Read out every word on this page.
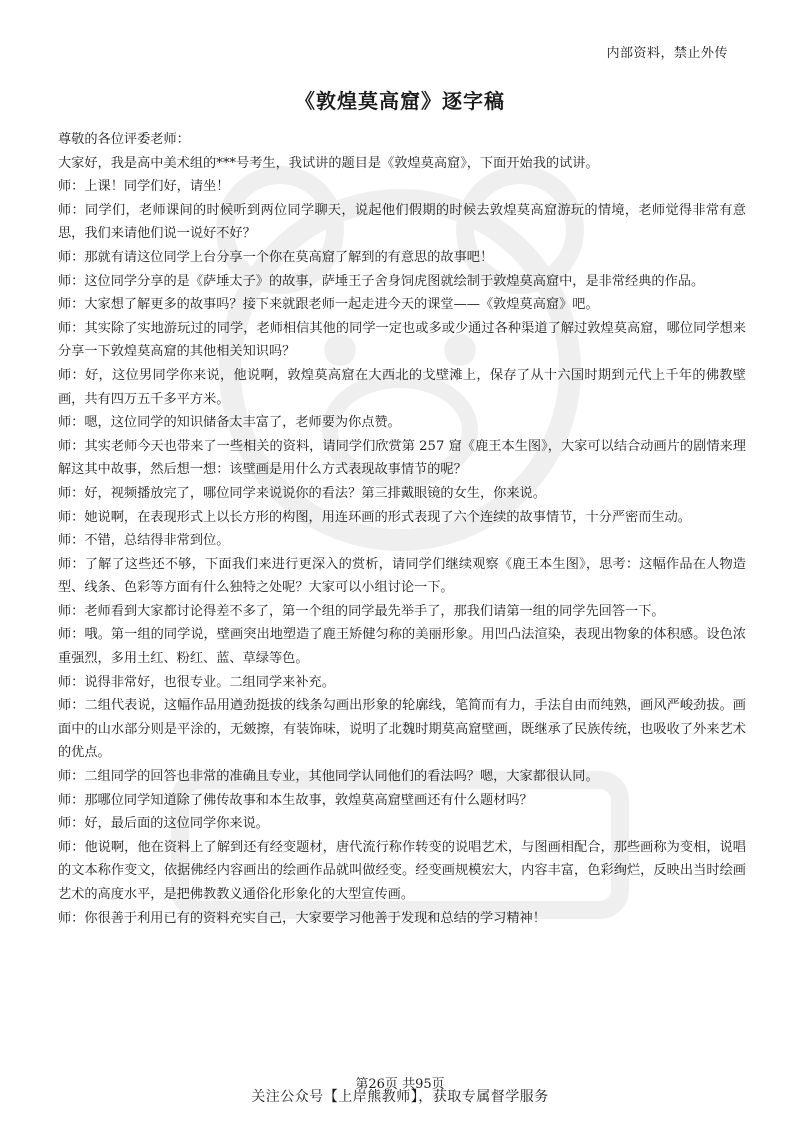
内部资料，禁止外传
《敦煌莫高窟》逐字稿

尊敬的各位评委老师：

大家好，我是高中美术组的***号考生，我试讲的题目是《敦煌莫高窟》，下面开始我的试讲。

师：上课！同学们好，请坐！

师：同学们，老师课间的时候听到两位同学聊天，说起他们假期的时候去敦煌莫高窟游玩的情境，老师觉得非常有意思，我们来请他们说一说好不好？

师：那就有请这位同学上台分享一个你在莫高窟了解到的有意思的故事吧！

师：这位同学分享的是《萨埵太子》的故事，萨埵王子舍身饲虎图就绘制于敦煌莫高窟中，是非常经典的作品。

师：大家想了解更多的故事吗？接下来就跟老师一起走进今天的课堂——《敦煌莫高窟》吧。

师：其实除了实地游玩过的同学，老师相信其他的同学一定也或多或少通过各种渠道了解过敦煌莫高窟，哪位同学想来分享一下敦煌莫高窟的其他相关知识吗？

师：好，这位男同学你来说，他说啊，敦煌莫高窟在大西北的戈壁滩上，保存了从十六国时期到元代上千年的佛教壁画，共有四万五千多平方米。

师：嗯，这位同学的知识储备太丰富了，老师要为你点赞。

师：其实老师今天也带来了一些相关的资料，请同学们欣赏第 257 窟《鹿王本生图》，大家可以结合动画片的剧情来理解这其中故事，然后想一想：该壁画是用什么方式表现故事情节的呢？

师：好，视频播放完了，哪位同学来说说你的看法？第三排戴眼镜的女生，你来说。

师：她说啊，在表现形式上以长方形的构图，用连环画的形式表现了六个连续的故事情节，十分严密而生动。

师：不错，总结得非常到位。

师：了解了这些还不够，下面我们来进行更深入的赏析，请同学们继续观察《鹿王本生图》，思考：这幅作品在人物造型、线条、色彩等方面有什么独特之处呢？大家可以小组讨论一下。

师：老师看到大家都讨论得差不多了，第一个组的同学最先举手了，那我们请第一组的同学先回答一下。

师：哦。第一组的同学说，壁画突出地塑造了鹿王矫健匀称的美丽形象。用凹凸法渲染，表现出物象的体积感。设色浓重强烈，多用土红、粉红、蓝、草绿等色。

师：说得非常好，也很专业。二组同学来补充。

师：二组代表说，这幅作品用遒劲挺拔的线条勾画出形象的轮廓线，笔简而有力，手法自由而纯熟，画风严峻劲拔。画面中的山水部分则是平涂的，无皴擦，有装饰味，说明了北魏时期莫高窟壁画，既继承了民族传统，也吸收了外来艺术的优点。

师：二组同学的回答也非常的准确且专业，其他同学认同他们的看法吗？嗯，大家都很认同。

师：那哪位同学知道除了佛传故事和本生故事，敦煌莫高窟壁画还有什么题材吗？

师：好，最后面的这位同学你来说。

师：他说啊，他在资料上了解到还有经变题材，唐代流行称作转变的说唱艺术，与图画相配合，那些画称为变相，说唱的文本称作变文，依据佛经内容画出的绘画作品就叫做经变。经变画规模宏大，内容丰富，色彩绚烂，反映出当时绘画艺术的高度水平，是把佛教教义通俗化形象化的大型宣传画。

师：你很善于利用已有的资料充实自己，大家要学习他善于发现和总结的学习精神！

第26页 共95页
关注公众号【上岸熊教师】，获取专属督学服务
